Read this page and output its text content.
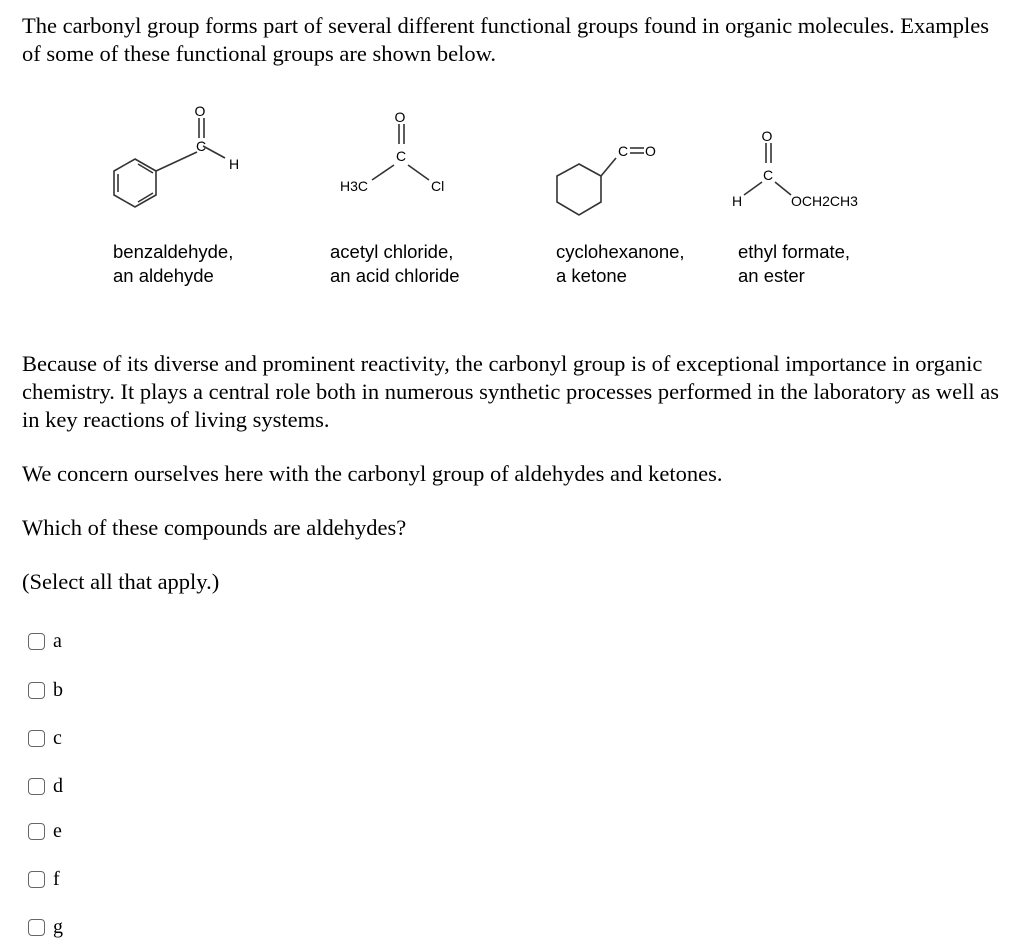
The carbonyl group forms part of several different functional groups found in organic molecules. Examples of some of these functional groups are shown below.

O
C
H
benzaldehyde,
an aldehyde
O
C
H3C	Cl
acetyl chloride,
an acid chloride
C O
cyclohexanone,
a ketone
O
C
H	OCH2CH3
ethyl formate,
an ester

Because of its diverse and prominent reactivity, the carbonyl group is of exceptional importance in organic chemistry. It plays a central role both in numerous synthetic processes performed in the laboratory as well as in key reactions of living systems.

We concern ourselves here with the carbonyl group of aldehydes and ketones.

Which of these compounds are aldehydes?

(Select all that apply.)

a
b
c
d
e
f
g
